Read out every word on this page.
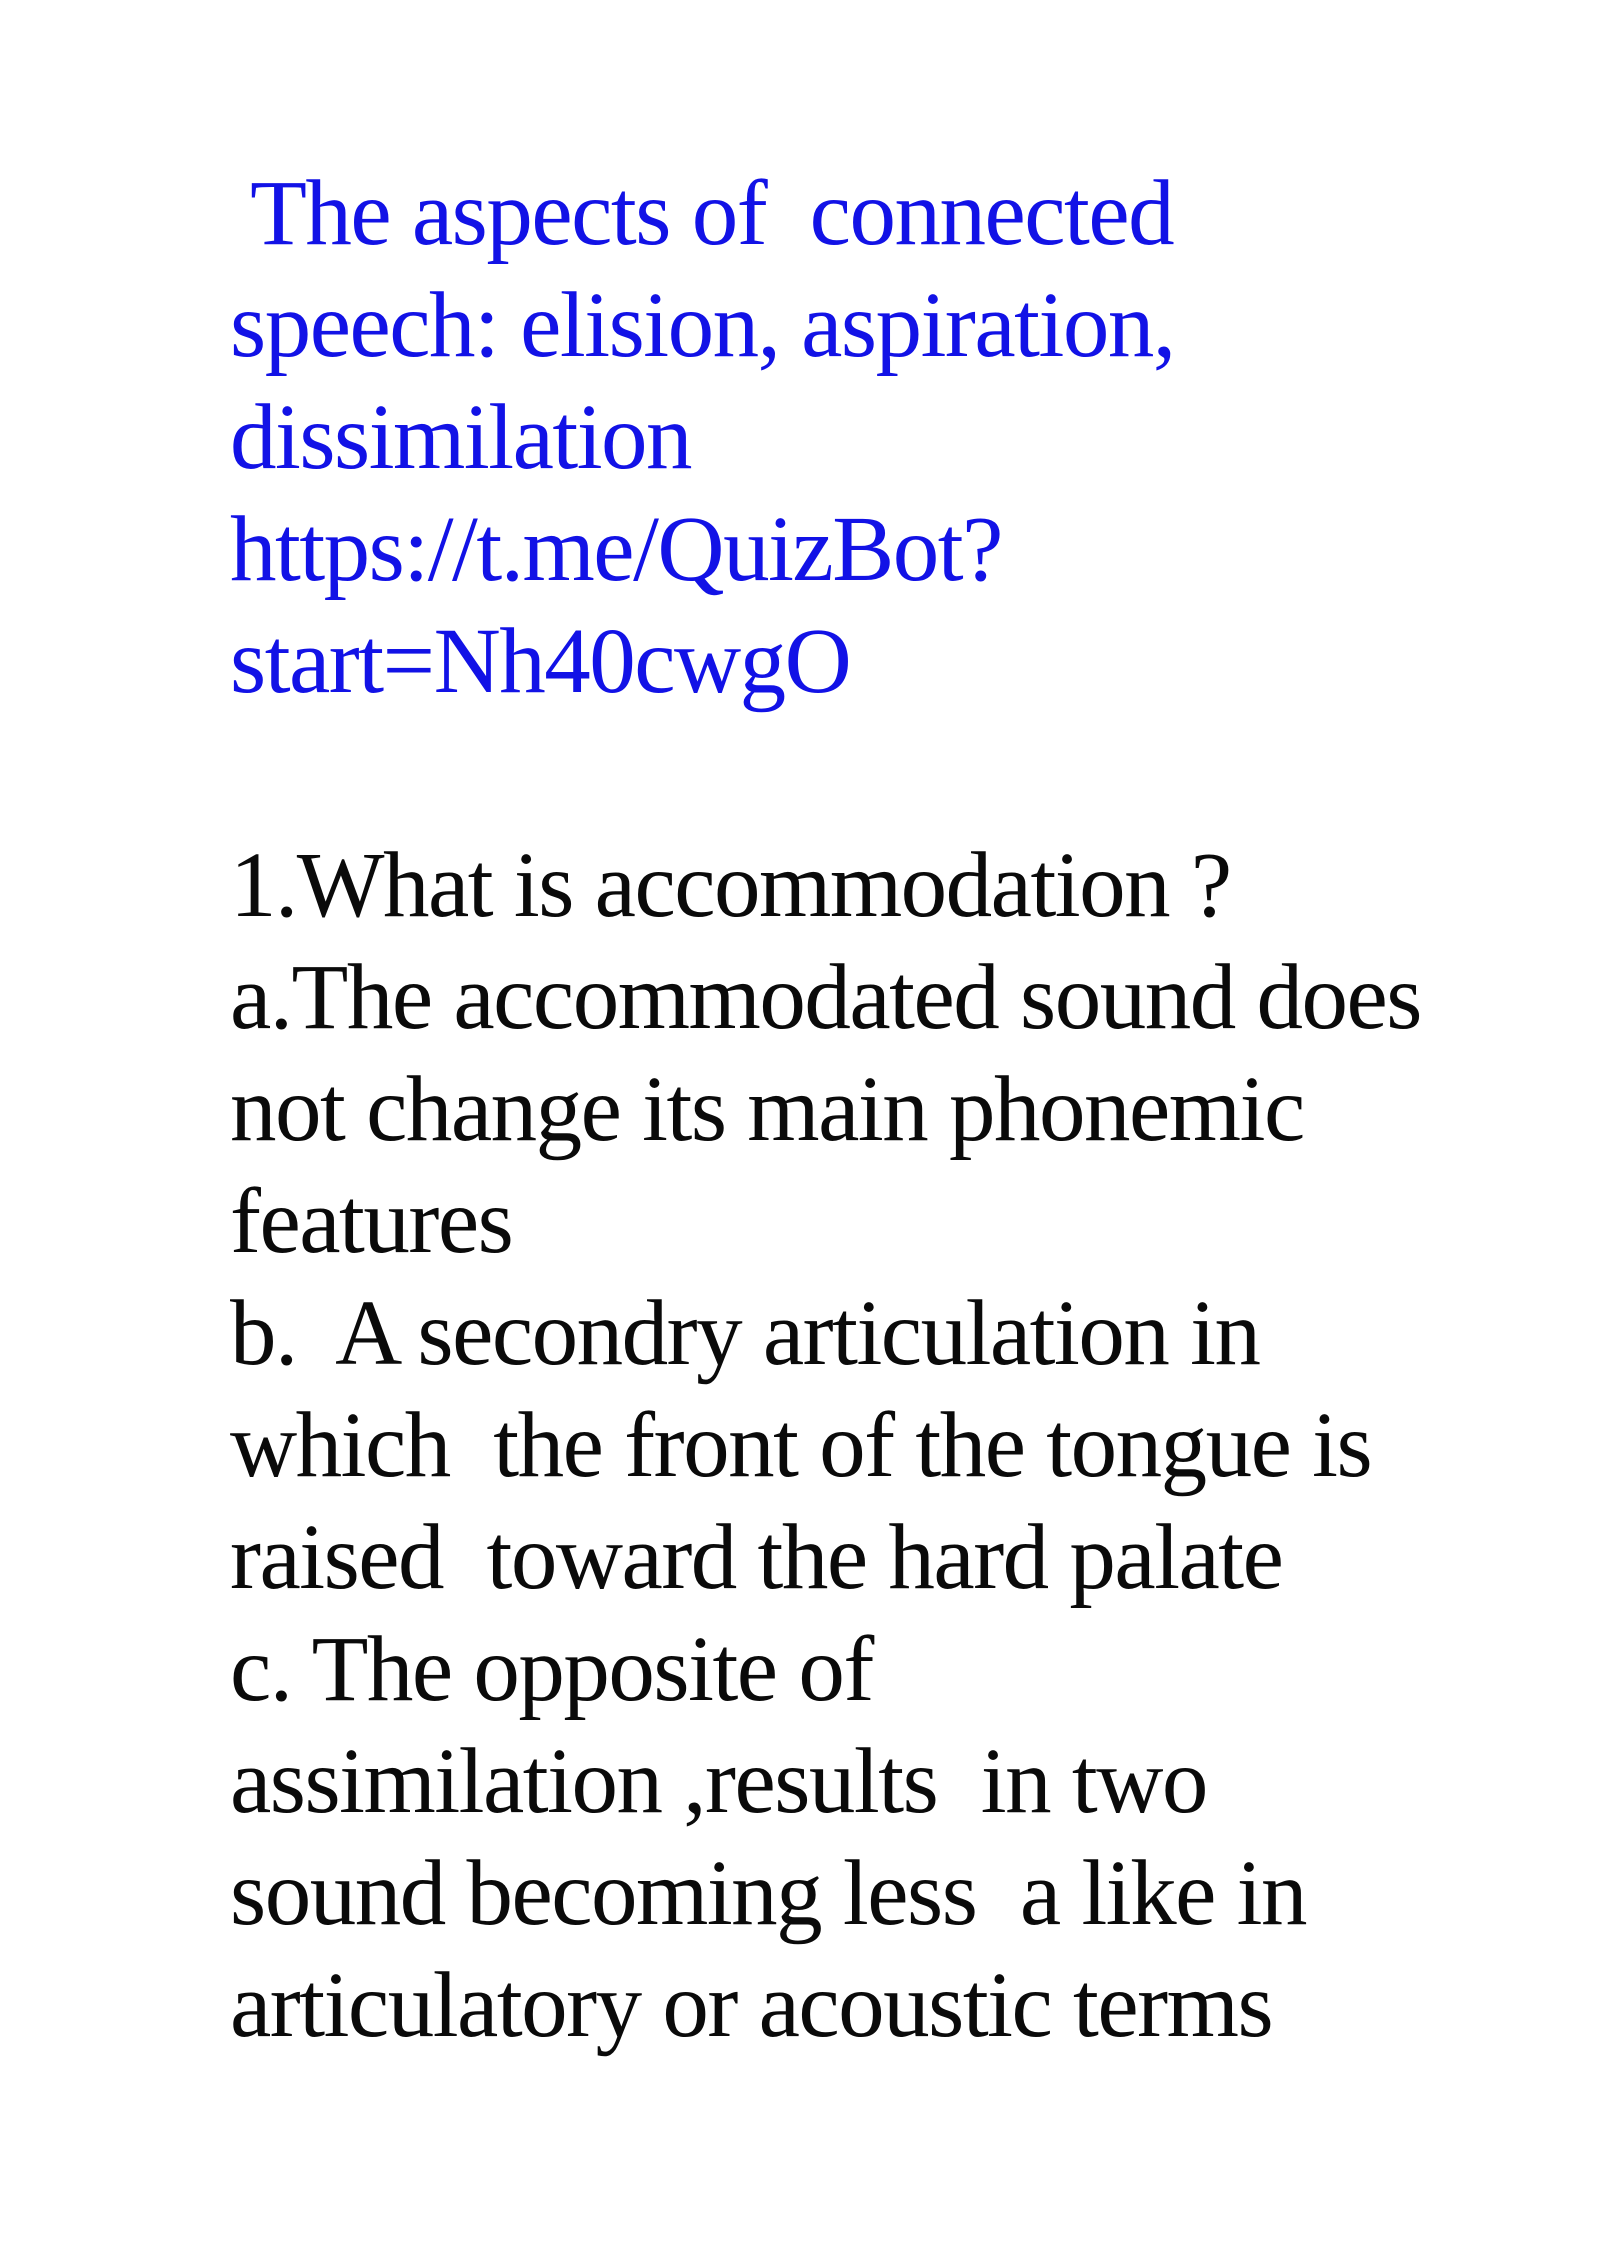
The aspects of  connected
speech: elision, aspiration,
dissimilation
https://t.me/QuizBot?
start=Nh40cwgO
1.What is accommodation ?
a.The accommodated sound does
not change its main phonemic
features
b.  A secondry articulation in
which  the front of the tongue is
raised  toward the hard palate
c. The opposite of
assimilation ,results  in two
sound becoming less  a like in
articulatory or acoustic terms
